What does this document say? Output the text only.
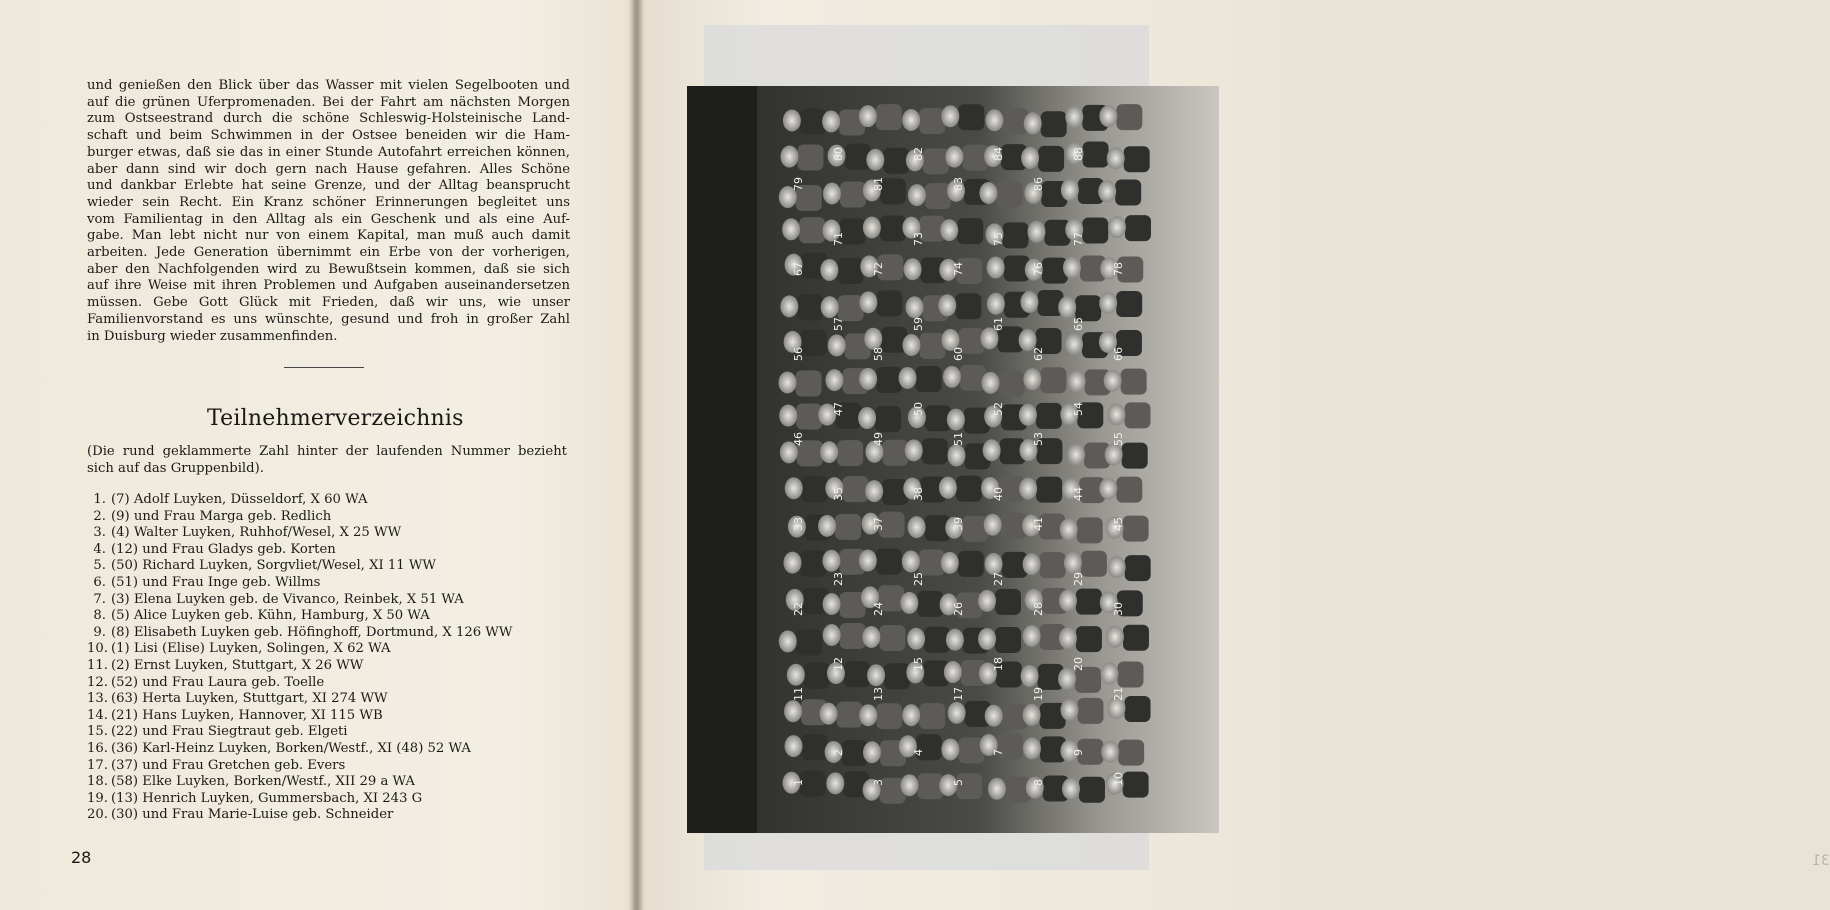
und genießen den Blick über das Wasser mit vielen Segelbooten und
auf die grünen Uferpromenaden. Bei der Fahrt am nächsten Morgen
zum Ostseestrand durch die schöne Schleswig-Holsteinische Land-
schaft und beim Schwimmen in der Ostsee beneiden wir die Ham-
burger etwas, daß sie das in einer Stunde Autofahrt erreichen können,
aber dann sind wir doch gern nach Hause gefahren. Alles Schöne
und dankbar Erlebte hat seine Grenze, und der Alltag beansprucht
wieder sein Recht. Ein Kranz schöner Erinnerungen begleitet uns
vom Familientag in den Alltag als ein Geschenk und als eine Auf-
gabe. Man lebt nicht nur von einem Kapital, man muß auch damit
arbeiten. Jede Generation übernimmt ein Erbe von der vorherigen,
aber den Nachfolgenden wird zu Bewußtsein kommen, daß sie sich
auf ihre Weise mit ihren Problemen und Aufgaben auseinandersetzen
müssen. Gebe Gott Glück mit Frieden, daß wir uns, wie unser
Familienvorstand es uns wünschte, gesund und froh in großer Zahl
in Duisburg wieder zusammenfinden.
Teilnehmerverzeichnis
(Die rund geklammerte Zahl hinter der laufenden Nummer bezieht sich auf das Gruppenbild).
1. (7) Adolf Luyken, Düsseldorf, X 60 WA
2. (9) und Frau Marga geb. Redlich
3. (4) Walter Luyken, Ruhhof/Wesel, X 25 WW
4. (12) und Frau Gladys geb. Korten
5. (50) Richard Luyken, Sorgvliet/Wesel, XI 11 WW
6. (51) und Frau Inge geb. Willms
7. (3) Elena Luyken geb. de Vivanco, Reinbek, X 51 WA
8. (5) Alice Luyken geb. Kühn, Hamburg, X 50 WA
9. (8) Elisabeth Luyken geb. Höfinghoff, Dortmund, X 126 WW
10. (1) Lisi (Elise) Luyken, Solingen, X 62 WA
11. (2) Ernst Luyken, Stuttgart, X 26 WW
12. (52) und Frau Laura geb. Toelle
13. (63) Herta Luyken, Stuttgart, XI 274 WW
14. (21) Hans Luyken, Hannover, XI 115 WB
15. (22) und Frau Siegtraut geb. Elgeti
16. (36) Karl-Heinz Luyken, Borken/Westf., XI (48) 52 WA
17. (37) und Frau Gretchen geb. Evers
18. (58) Elke Luyken, Borken/Westf., XII 29 a WA
19. (13) Henrich Luyken, Gummersbach, XI 243 G
20. (30) und Frau Marie-Luise geb. Schneider
28	31
1
2
3
4
5
7
8
9
10
11
12
13
15
17
18
19
20
21
22
23
24
25
26
27
28
29
30
33
35
37
38
39
40
41
44
45
46
47
49
50
51
52
53
54
55
56
57
58
59
60
61
62
65
66
67
71
72
73
74
75
76
77
78
79
80
81
82
83
84
86
88
